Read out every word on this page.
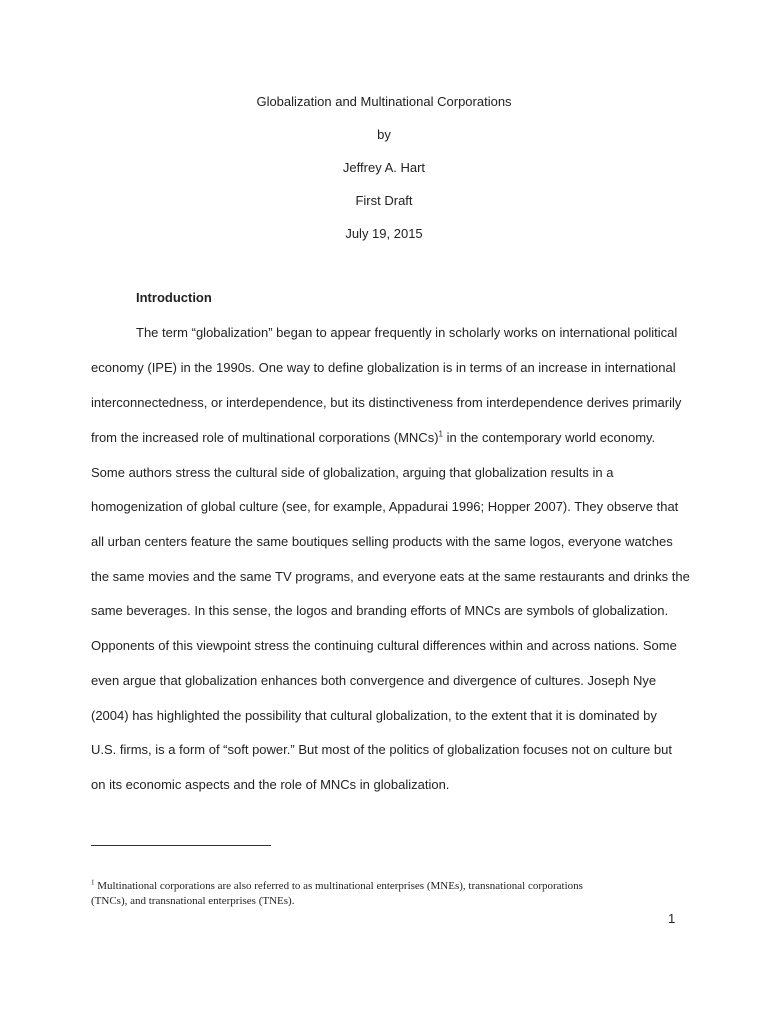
Globalization and Multinational Corporations
by
Jeffrey A. Hart
First Draft
July 19, 2015
Introduction
The term “globalization” began to appear frequently in scholarly works on international political
economy (IPE) in the 1990s. One way to define globalization is in terms of an increase in international
interconnectedness, or interdependence, but its distinctiveness from interdependence derives primarily
from the increased role of multinational corporations (MNCs)$^1$ in the contemporary world economy.
Some authors stress the cultural side of globalization, arguing that globalization results in a
homogenization of global culture (see, for example, Appadurai 1996; Hopper 2007). They observe that
all urban centers feature the same boutiques selling products with the same logos, everyone watches
the same movies and the same TV programs, and everyone eats at the same restaurants and drinks the
same beverages. In this sense, the logos and branding efforts of MNCs are symbols of globalization.
Opponents of this viewpoint stress the continuing cultural differences within and across nations. Some
even argue that globalization enhances both convergence and divergence of cultures. Joseph Nye
(2004) has highlighted the possibility that cultural globalization, to the extent that it is dominated by
U.S. firms, is a form of “soft power.” But most of the politics of globalization focuses not on culture but
on its economic aspects and the role of MNCs in globalization.
$^1$ Multinational corporations are also referred to as multinational enterprises (MNEs), transnational corporations
(TNCs), and transnational enterprises (TNEs).
1
